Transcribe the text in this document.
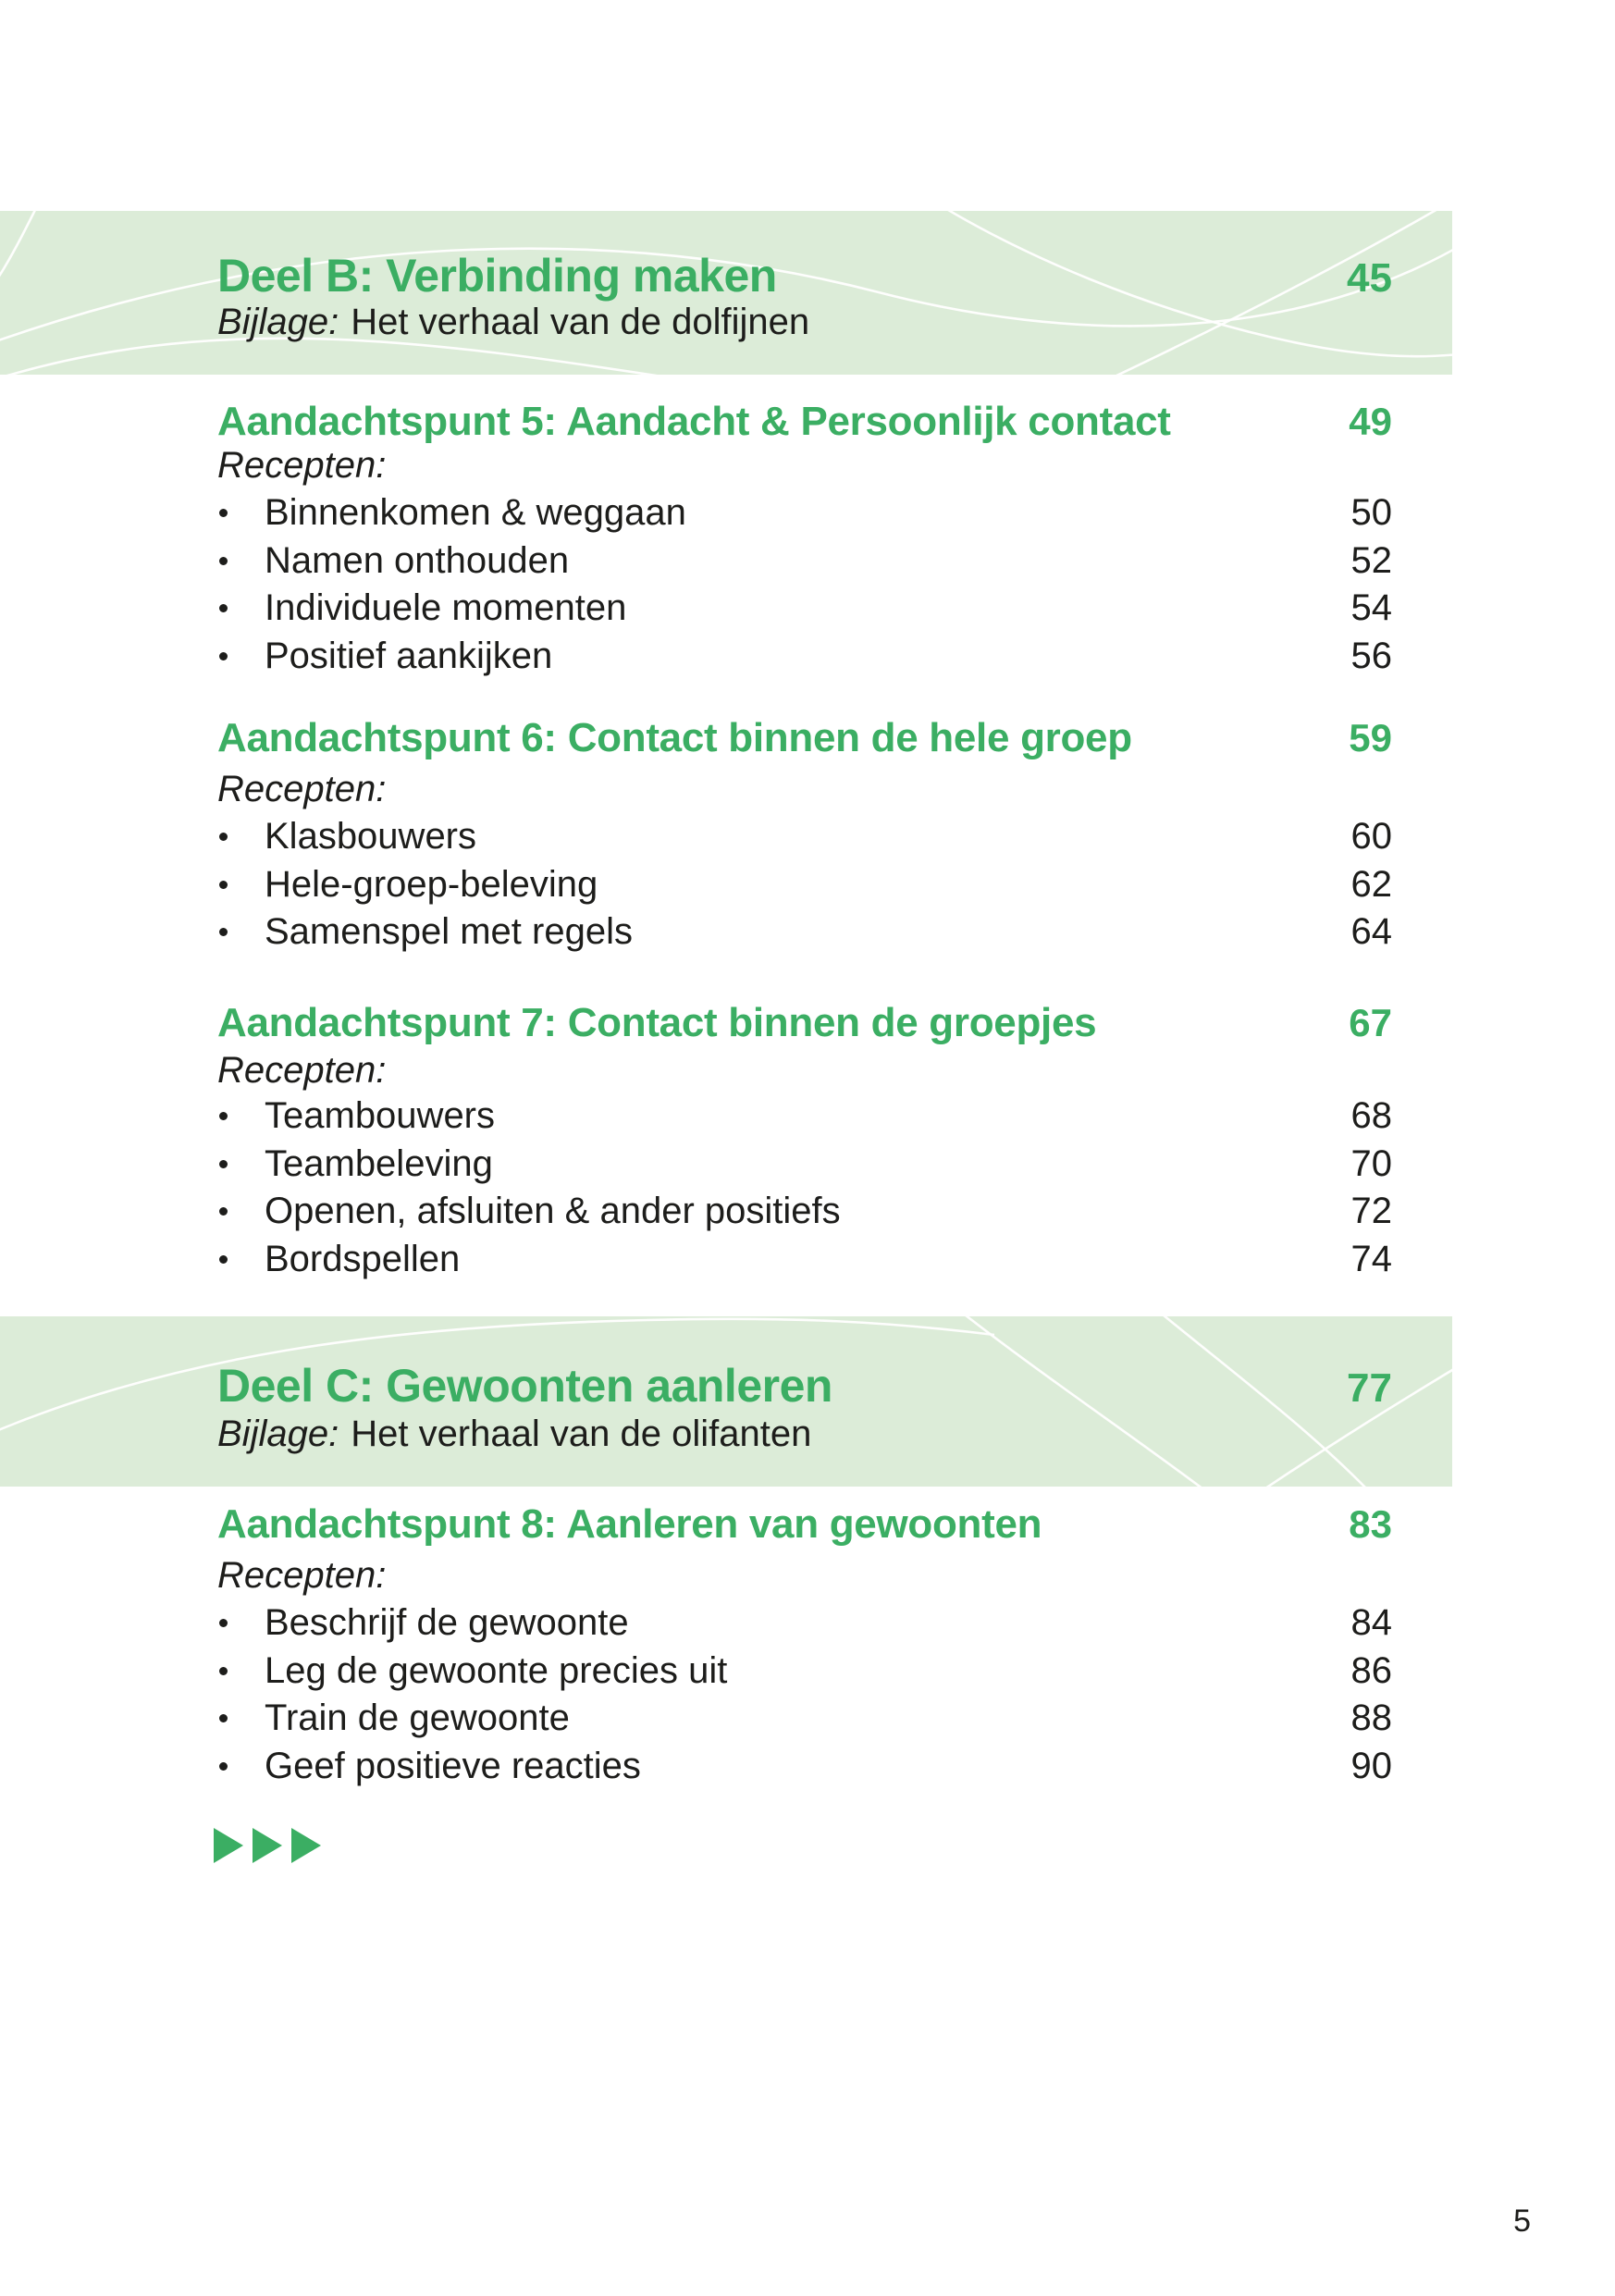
Deel B: Verbinding maken	45

Bijlage: Het verhaal van de dolfijnen

Aandachtspunt 5: Aandacht & Persoonlijk contact	49

Recepten:

Binnenkomen & weggaan	50
Namen onthouden	52
Individuele momenten	54
Positief aankijken	56
Aandachtspunt 6: Contact binnen de hele groep	59

Recepten:

Klasbouwers	60
Hele-groep-beleving	62
Samenspel met regels	64
Aandachtspunt 7: Contact binnen de groepjes	67

Recepten:

Teambouwers	68
Teambeleving	70
Openen, afsluiten & ander positiefs	72
Bordspellen	74
Deel C: Gewoonten aanleren	77

Bijlage: Het verhaal van de olifanten

Aandachtspunt 8: Aanleren van gewoonten	83

Recepten:

Beschrijf de gewoonte	84
Leg de gewoonte precies uit	86
Train de gewoonte	88
Geef positieve reacties	90
5
